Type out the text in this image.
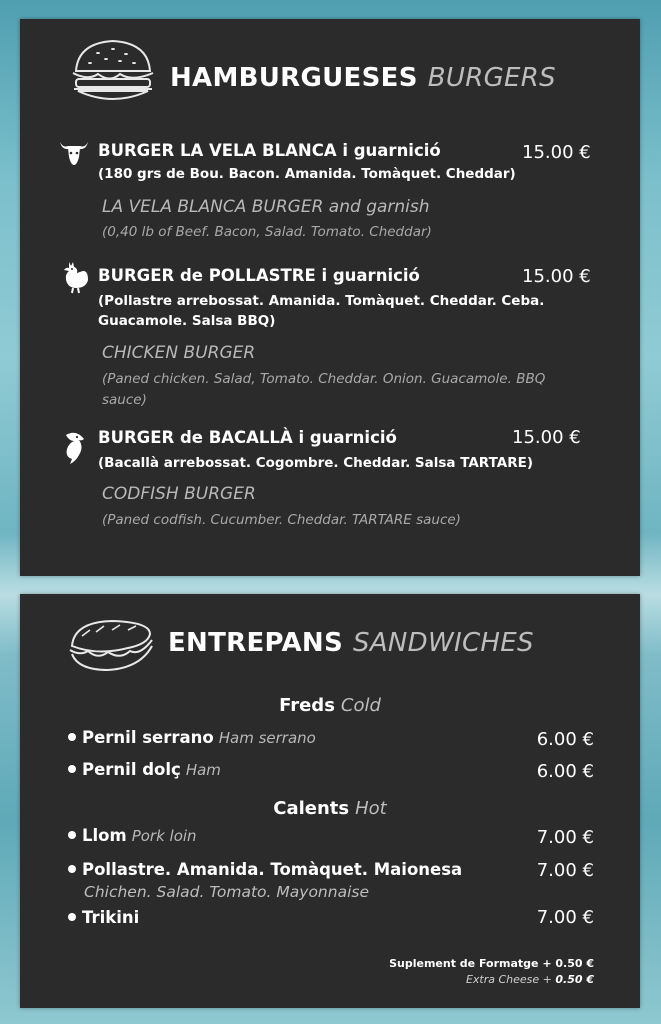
HAMBURGUESES BURGERS
BURGER LA VELA BLANCA i guarnició	15.00 €
(180 grs de Bou. Bacon. Amanida. Tomàquet. Cheddar)
LA VELA BLANCA BURGER and garnish
(0,40 lb of Beef. Bacon, Salad. Tomato. Cheddar)
BURGER de POLLASTRE i guarnició	15.00 €
(Pollastre arrebossat. Amanida. Tomàquet. Cheddar. Ceba. Guacamole. Salsa BBQ)
CHICKEN BURGER
(Paned chicken. Salad, Tomato. Cheddar. Onion. Guacamole. BBQ sauce)
BURGER de BACALLÀ i guarnició	15.00 €
(Bacallà arrebossat. Cogombre. Cheddar. Salsa TARTARE)
CODFISH BURGER
(Paned codfish. Cucumber. Cheddar. TARTARE sauce)
ENTREPANS SANDWICHES
Freds Cold
Pernil serrano Ham serrano	6.00 €
Pernil dolç Ham	6.00 €
Calents Hot
Llom Pork loin	7.00 €
Pollastre. Amanida. Tomàquet. Maionesa
Chichen. Salad. Tomato. Mayonnaise
7.00 €
Trikini	7.00 €
Suplement de Formatge + 0.50 €
Extra Cheese + 0.50 €
